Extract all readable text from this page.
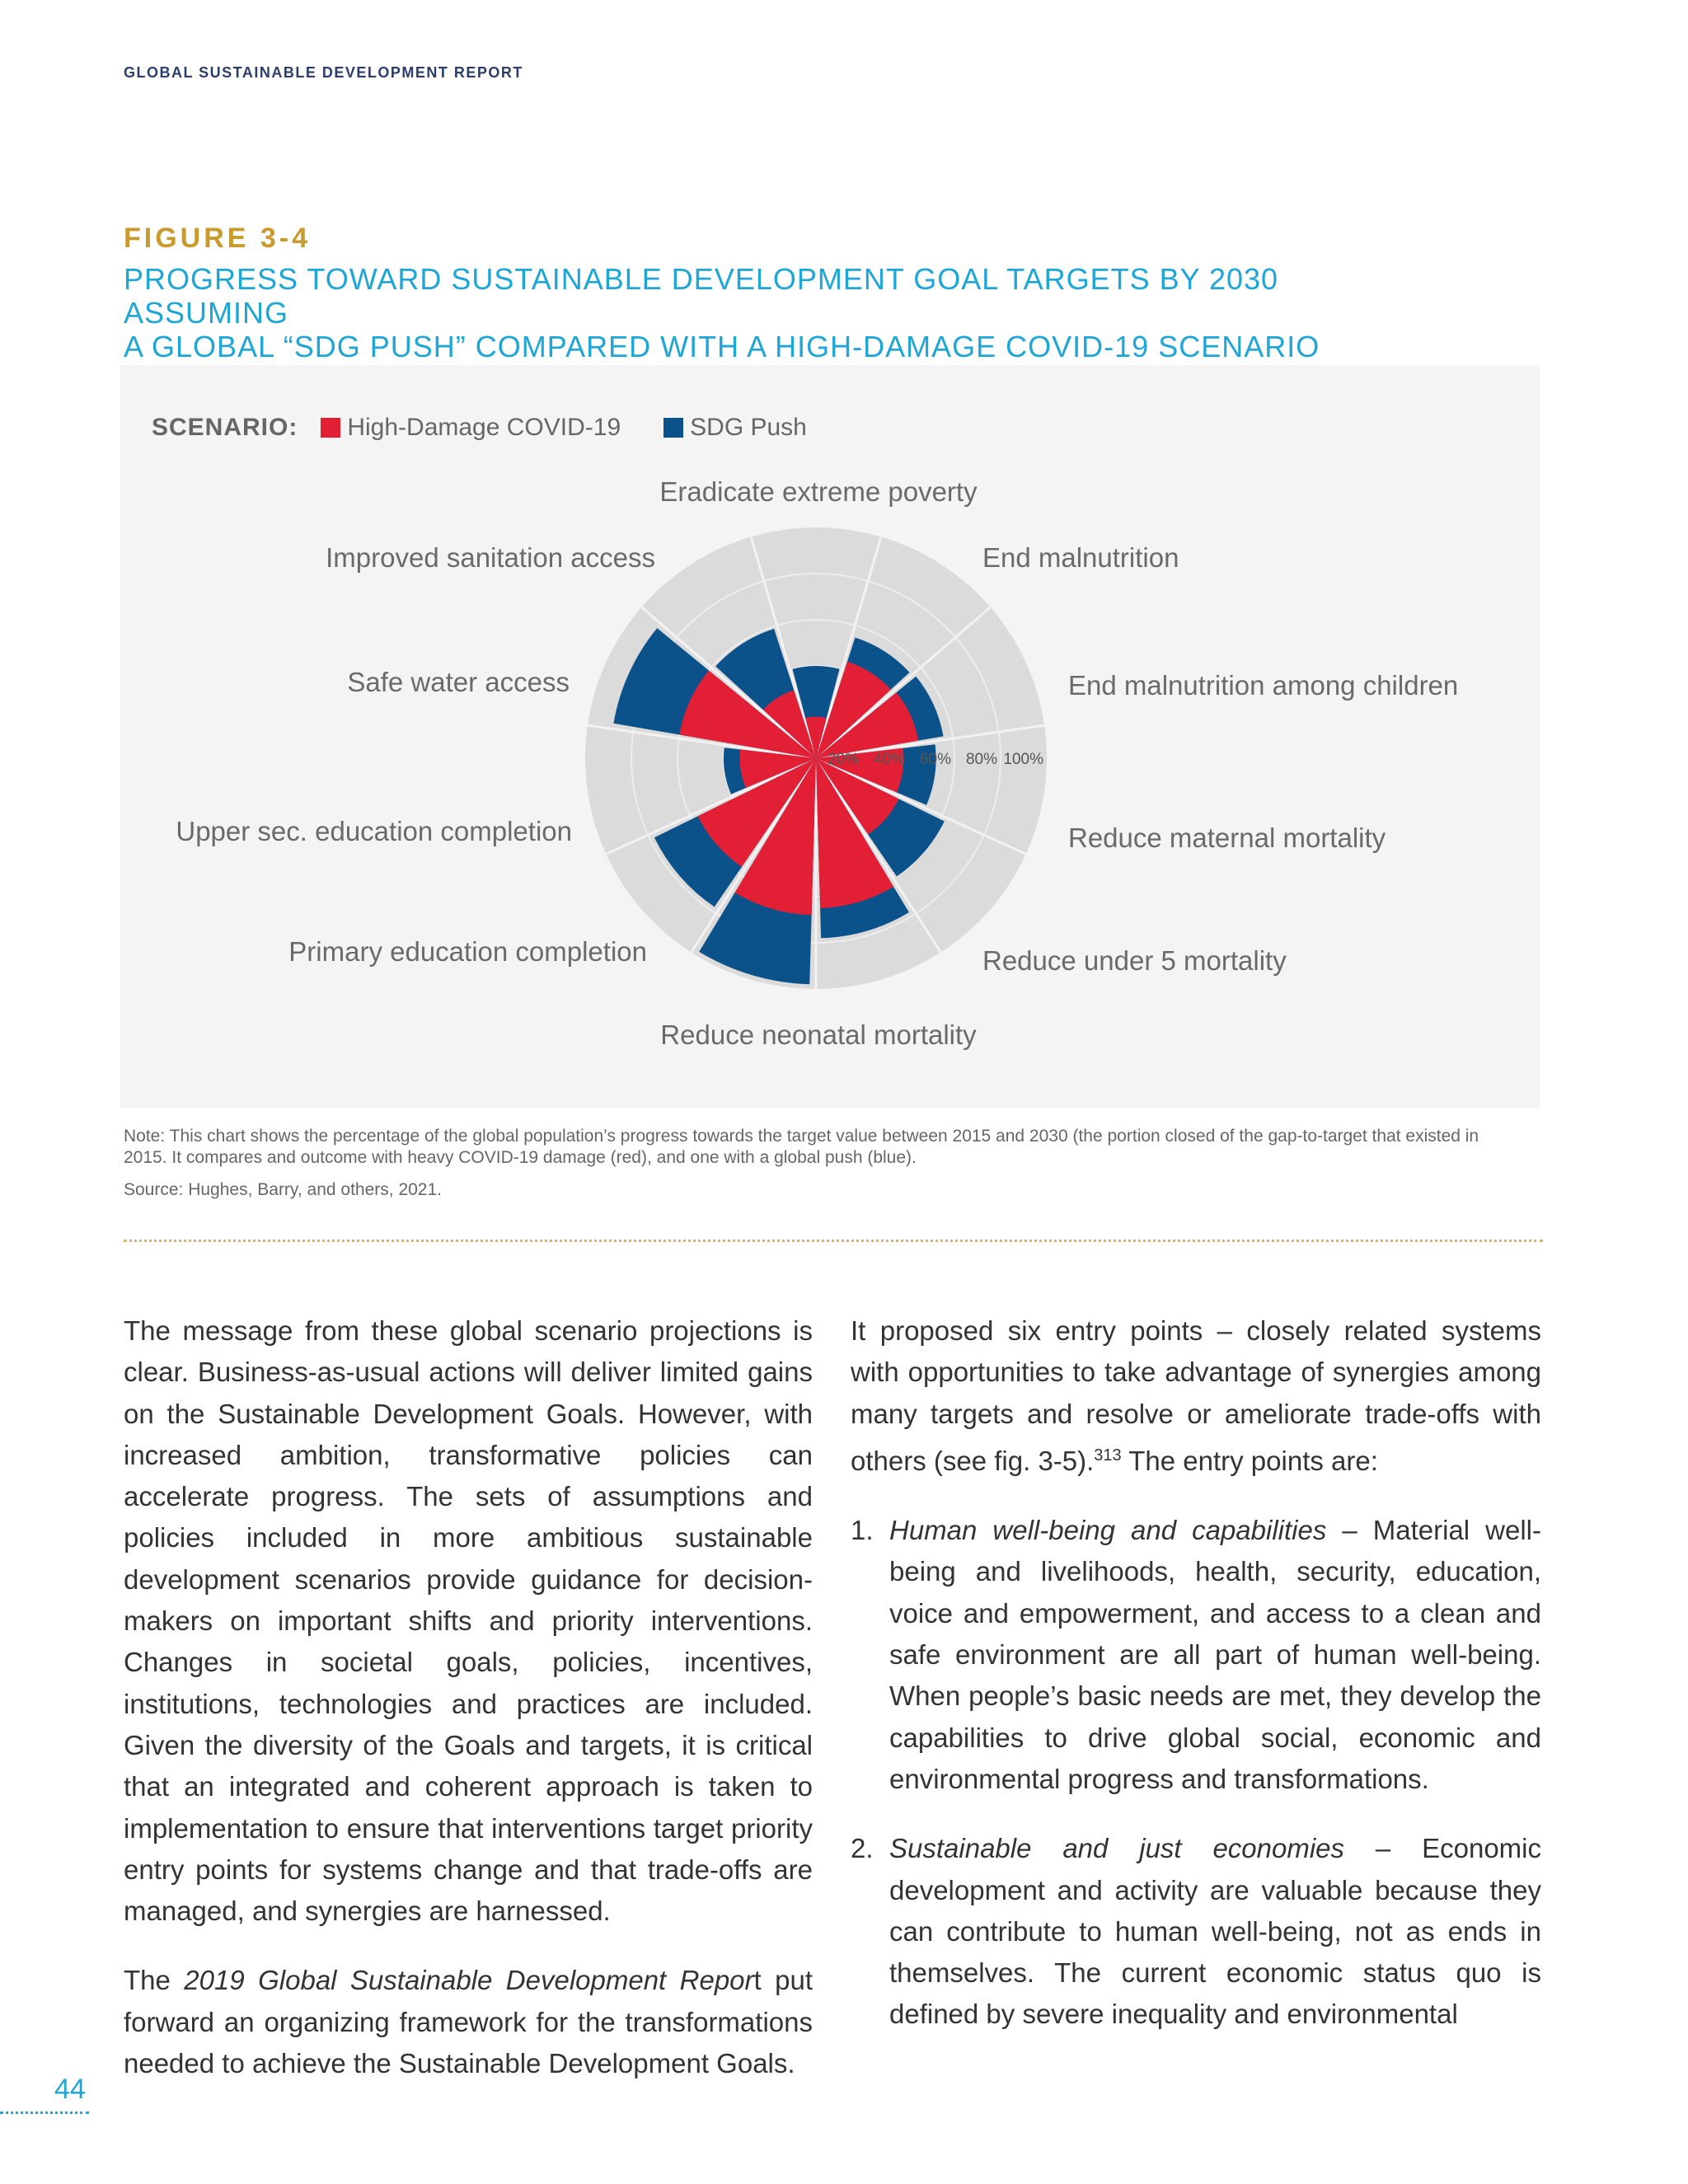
GLOBAL SUSTAINABLE DEVELOPMENT REPORT
FIGURE 3-4
PROGRESS TOWARD SUSTAINABLE DEVELOPMENT GOAL TARGETS BY 2030 ASSUMING
A GLOBAL “SDG PUSH” COMPARED WITH A HIGH-DAMAGE COVID-19 SCENARIO
SCENARIO: High-Damage COVID-19	SDG Push
20% 40% 60% 80% 100%
Eradicate extreme poverty
End malnutrition
End malnutrition among children
Reduce maternal mortality
Reduce under 5 mortality
Reduce neonatal mortality
Primary education completion
Upper sec. education completion
Safe water access
Improved sanitation access
Note: This chart shows the percentage of the global population’s progress towards the target value between 2015 and 2030 (the portion closed of the gap-to-target that existed in 2015. It compares and outcome with heavy COVID-19 damage (red), and one with a global push (blue).
Source: Hughes, Barry, and others, 2021.

The message from these global scenario projections is clear. Business-as-usual actions will deliver limited gains on the Sustainable Development Goals. However, with increased ambition, transformative policies can accelerate progress. The sets of assumptions and policies included in more ambitious sustainable development scenarios provide guidance for decision-makers on important shifts and priority interventions. Changes in societal goals, policies, incentives, institutions, technologies and practices are included. Given the diversity of the Goals and targets, it is critical that an integrated and coherent approach is taken to implementation to ensure that interventions target priority entry points for systems change and that trade-offs are managed, and synergies are harnessed.

The 2019 Global Sustainable Development Report put forward an organizing framework for the transformations needed to achieve the Sustainable Development Goals.

It proposed six entry points – closely related systems with opportunities to take advantage of synergies among many targets and resolve or ameliorate trade-offs with others (see fig. 3-5).$^{313}$ The entry points are:

1. Human well-being and capabilities – Material well-being and livelihoods, health, security, education, voice and empowerment, and access to a clean and safe environment are all part of human well-being. When people’s basic needs are met, they develop the capabilities to drive global social, economic and environmental progress and transformations.
2. Sustainable and just economies – Economic development and activity are valuable because they can contribute to human well-being, not as ends in themselves. The current economic status quo is defined by severe inequality and environmental
44
